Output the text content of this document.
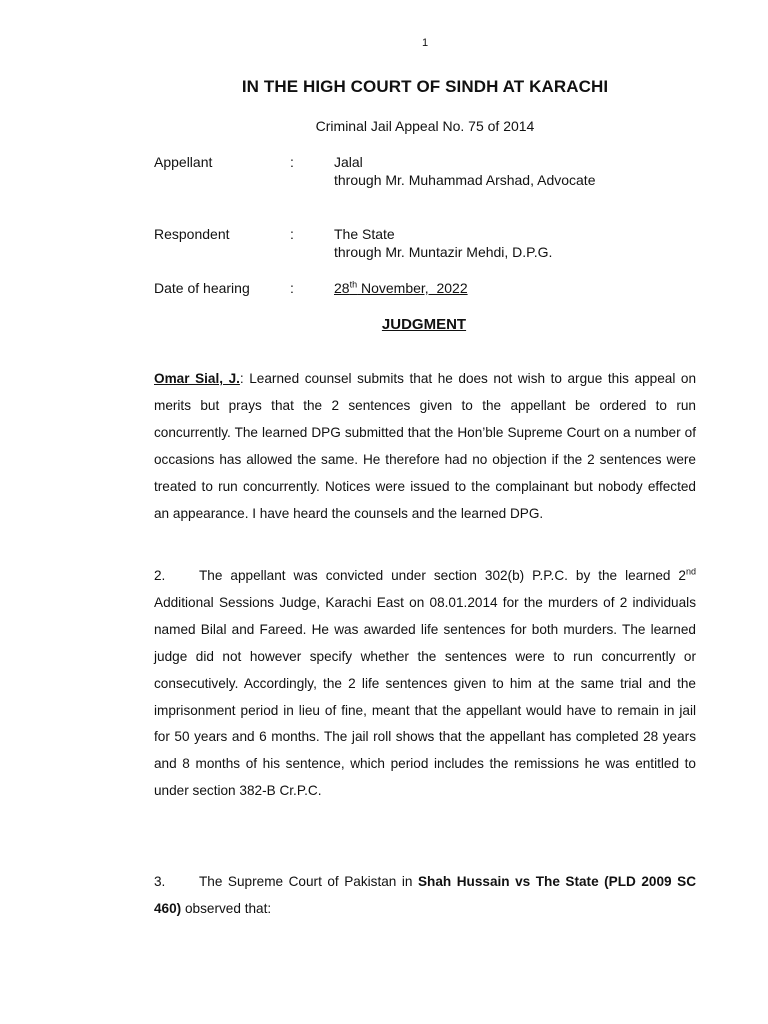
1
IN THE HIGH COURT OF SINDH AT KARACHI
Criminal Jail Appeal No. 75 of 2014
Appellant	:	Jalal
through Mr. Muhammad Arshad, Advocate
Respondent	:	The State
through Mr. Muntazir Mehdi, D.P.G.
Date of hearing	:	28th November,  2022
JUDGMENT
Omar Sial, J.: Learned counsel submits that he does not wish to argue this appeal on merits but prays that the 2 sentences given to the appellant be ordered to run concurrently. The learned DPG submitted that the Hon’ble Supreme Court on a number of occasions has allowed the same. He therefore had no objection if the 2 sentences were treated to run concurrently. Notices were issued to the complainant but nobody effected an appearance. I have heard the counsels and the learned DPG.
2. The appellant was convicted under section 302(b) P.P.C. by the learned 2nd Additional Sessions Judge, Karachi East on 08.01.2014 for the murders of 2 individuals named Bilal and Fareed. He was awarded life sentences for both murders. The learned judge did not however specify whether the sentences were to run concurrently or consecutively. Accordingly, the 2 life sentences given to him at the same trial and the imprisonment period in lieu of fine, meant that the appellant would have to remain in jail for 50 years and 6 months. The jail roll shows that the appellant has completed 28 years and 8 months of his sentence, which period includes the remissions he was entitled to under section 382-B Cr.P.C.
3. The Supreme Court of Pakistan in Shah Hussain vs The State (PLD 2009 SC 460) observed that:
